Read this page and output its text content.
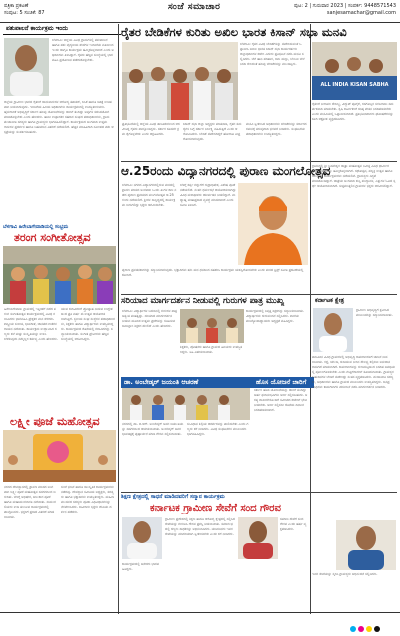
ಪತ್ರಿಕಾ ಪ್ರಕಟಣೆ
ಸಂಪುಟ: 5 ಸಂಚಿಕೆ: 87
ಸಂಜೆ ಸಮಾಚಾರ	ಪುಟ: 2 | ಗುರುವಾರ 2023 | ಸಂಪರ್ಕ: 9448571543
sanjesamachar@gmail.com
ಪಶುಪಾಲನೆ ಕಾರ್ಯಕ್ರಮ ಇಂದು

ಬೆಳಗಾವಿ: ಜಿಲ್ಲೆಯ ವಿವಿಧ ಗ್ರಾಮಗಳಲ್ಲಿ ಪಶುಪಾಲನೆ ಹಾಗೂ ಪಶು ವೈದ್ಯಕೀಯ ಸೇವೆಗಳ ಇಲಾಖೆಯ ವತಿಯಿಂದ ಇಂದು ಜಾಗೃತಿ ಕಾರ್ಯಕ್ರಮ ಹಮ್ಮಿಕೊಳ್ಳಲಾಗಿದೆ ಎಂದು ಅಧಿಕಾರಿಗಳು ತಿಳಿಸಿದ್ದಾರೆ. ರೈತರು ಹೆಚ್ಚಿನ ಸಂಖ್ಯೆಯಲ್ಲಿ ಭಾಗವಹಿಸಿ ಪ್ರಯೋಜನ ಪಡೆದುಕೊಳ್ಳಬೇಕು.

ಜಿಲ್ಲೆಯ ಗ್ರಾಮೀಣ ಭಾಗದ ರೈತರಿಗೆ ಜಾನುವಾರುಗಳ ಆರೋಗ್ಯ ತಪಾಸಣೆ, ಲಸಿಕೆ ಹಾಗೂ ಚಿಕಿತ್ಸೆ ಉಚಿತವಾಗಿ ನೀಡಲಾಗುವುದು. ಇಲಾಖೆಯ ಹಿರಿಯ ಅಧಿಕಾರಿಗಳು ಕಾರ್ಯಕ್ರಮದಲ್ಲಿ ಉಪಸ್ಥಿತರಿರುವರು. ಹೈನುಗಾರಿಕೆ ಅಭಿವೃದ್ಧಿಗೆ ಸರ್ಕಾರ ಹಲವು ಯೋಜನೆಗಳನ್ನು ಜಾರಿಗೆ ತಂದಿದ್ದು ಅವುಗಳ ಸದುಪಯೋಗ ಮಾಡಿಕೊಳ್ಳಬೇಕು ಎಂದು ಹೇಳಿದರು. ಹಾಲು ಉತ್ಪಾದಕರ ಸಹಕಾರ ಸಂಘದ ಪದಾಧಿಕಾರಿಗಳು, ಗ್ರಾಮ ಪಂಚಾಯಿತಿ ಸದಸ್ಯರು ಹಾಗೂ ಗ್ರಾಮಸ್ಥರು ಭಾಗವಹಿಸಲಿದ್ದಾರೆ. ಕಾರ್ಯಕ್ರಮದ ಅಂಗವಾಗಿ ಉತ್ತಮ ರಾಸುಗಳ ಪ್ರದರ್ಶನ ಹಾಗೂ ಬಹುಮಾನ ವಿತರಣೆ ನಡೆಯಲಿದೆ. ಹೆಚ್ಚಿನ ಮಾಹಿತಿಗಾಗಿ ಸಮೀಪದ ಪಶು ಆಸ್ಪತ್ರೆಯನ್ನು ಸಂಪರ್ಕಿಸಬಹುದು.

ಬೆಳಗಾವಿ ಹಿರೇಬಾಗೇವಾಡಿಯಲ್ಲಿ ಸಂಭ್ರಮ
ತರಂಗ ಸಂಗೀತೋತ್ಸವ

ಹಿರೇಬಾಗೇವಾಡಿ: ಗ್ರಾಮದಲ್ಲಿ ಇತ್ತೀಚೆಗೆ ನಡೆದ ತರಂಗ ಸಂಗೀತೋತ್ಸವ ಕಾರ್ಯಕ್ರಮದಲ್ಲಿ ವಿವಿಧ ಕಲಾವಿದರು ಭಾಗವಹಿಸಿ ಪ್ರೇಕ್ಷಕರ ಮನ ಸೆಳೆದರು. ಶಾಸ್ತ್ರೀಯ ಸಂಗೀತ, ಭಾವಗೀತೆ, ಜಾನಪದ ಗೀತೆಗಳ ಗಾಯನ ನಡೆಯಿತು. ಕಾರ್ಯಕ್ರಮ ಉದ್ಘಾಟಿಸಿದ ಗಣ್ಯರು ಕಲೆ ಮತ್ತು ಸಂಸ್ಕೃತಿಯನ್ನು ಉಳಿಸಿ ಬೆಳೆಸುವುದು ನಮ್ಮೆಲ್ಲರ ಕರ್ತವ್ಯ ಎಂದು ಹೇಳಿದರು.

ಯುವ ಕಲಾವಿದರಿಗೆ ಪ್ರೋತ್ಸಾಹ ನೀಡುವ ಉದ್ದೇಶದಿಂದ ಪ್ರತಿ ವರ್ಷ ಈ ಉತ್ಸವ ಆಯೋಜಿಸಲಾಗುತ್ತಿದೆ. ಸ್ಥಳೀಯ ಸಂಘ ಸಂಸ್ಥೆಗಳ ಪದಾಧಿಕಾರಿಗಳು, ಶಿಕ್ಷಕರು ಹಾಗೂ ವಿದ್ಯಾರ್ಥಿಗಳು ಉಪಸ್ಥಿತರಿದ್ದರು. ಕಾರ್ಯಕ್ರಮದ ಕೊನೆಯಲ್ಲಿ ಕಲಾವಿದರನ್ನು ಸನ್ಮಾನಿಸಲಾಯಿತು. ಸಂಗೀತ ಪ್ರೇಮಿಗಳು ಹೆಚ್ಚಿನ ಸಂಖ್ಯೆಯಲ್ಲಿ ಆಗಮಿಸಿದ್ದರು.

ಲಕ್ಷ್ಮೀ ಪೂಜೆ ಮಹೋತ್ಸವ

ನಗರದ ದೇವಸ್ಥಾನದಲ್ಲಿ ಶ್ರಾವಣ ಮಾಸದ ಅಂಗವಾಗಿ ಲಕ್ಷ್ಮೀ ಪೂಜೆ ಮಹೋತ್ಸವ ಸಡಗರದಿಂದ ಜರುಗಿತು. ಬೆಳಿಗ್ಗೆ ಅಭಿಷೇಕ, ಅಲಂಕಾರ ಪೂಜೆ ಹಾಗೂ ಮಹಾಮಂಗಳಾರತಿ ನಡೆಯಿತು. ಸುಮಂಗಲಿಯರು ಉಡಿ ತುಂಬುವ ಕಾರ್ಯಕ್ರಮದಲ್ಲಿ ಪಾಲ್ಗೊಂಡರು. ಭಕ್ತರಿಗೆ ಪ್ರಸಾದ ವಿತರಣೆ ಮಾಡಲಾಯಿತು.

ಸಂಜೆ ಭಜನೆ ಹಾಗೂ ಸಾಂಸ್ಕೃತಿಕ ಕಾರ್ಯಕ್ರಮಗಳು ನಡೆದವು. ದೇವಸ್ಥಾನ ಸಮಿತಿಯ ಅಧ್ಯಕ್ಷರು, ಸದಸ್ಯರು ಹಾಗೂ ಭಕ್ತಾದಿಗಳು ಉಪಸ್ಥಿತರಿದ್ದರು. ಮಹಿಳಾ ಮಂಡಳದ ಸದಸ್ಯರು ಪೂಜಾ ವಿಧಿವಿಧಾನಗಳನ್ನು ನೆರವೇರಿಸಿದರು. ಸಾವಿರಾರು ಭಕ್ತರು ದೇವಿಯ ದರ್ಶನ ಪಡೆದರು.

ರೈತರ ಬೇಡಿಕೆಗಳ ಕುರಿತು ಅಖಿಲ ಭಾರತ ಕಿಸಾನ್ ಸಭಾ ಮನವಿ

ಬೆಳಗಾವಿ: ರೈತರ ವಿವಿಧ ಬೇಡಿಕೆಗಳನ್ನು ಈಡೇರಿಸುವಂತೆ ಒತ್ತಾಯಿಸಿ ಅಖಿಲ ಭಾರತ ಕಿಸಾನ್ ಸಭಾ ಕಾರ್ಯಕರ್ತರು ಜಿಲ್ಲಾಧಿಕಾರಿಗಳ ಕಚೇರಿ ಎದುರು ಪ್ರತಿಭಟನೆ ನಡೆಸಿ ಮನವಿ ಸಲ್ಲಿಸಿದರು. ಬೆಳೆ ಹಾನಿ ಪರಿಹಾರ, ಸಾಲ ಮನ್ನಾ, ಬೆಂಬಲ ಬೆಲೆ ನಿಗದಿ ಸೇರಿದಂತೆ ಹಲವು ಬೇಡಿಕೆಗಳನ್ನು ಮುಂದಿಟ್ಟರು.

ALL INDIA KISAN SABHA

ಪ್ರತಿಭಟನೆಯಲ್ಲಿ ಜಿಲ್ಲೆಯ ವಿವಿಧ ತಾಲೂಕುಗಳಿಂದ ಆಗಮಿಸಿದ್ದ ರೈತರು ಪಾಲ್ಗೊಂಡಿದ್ದರು. ಸರ್ಕಾರ ಕೂಡಲೇ ಕ್ರಮ ಕೈಗೊಳ್ಳಬೇಕು ಎಂದು ಆಗ್ರಹಿಸಿದರು.

ಕಿಸಾನ್ ಸಭಾ ಜಿಲ್ಲಾ ಅಧ್ಯಕ್ಷರು ಮಾತನಾಡಿ, ರೈತರ ಸಮಸ್ಯೆಗಳ ಬಗ್ಗೆ ಸರ್ಕಾರ ನಿರ್ಲಕ್ಷ್ಯ ವಹಿಸುತ್ತಿದೆ ಎಂದು ಆರೋಪಿಸಿದರು. ಬೇಡಿಕೆ ಈಡೇರದಿದ್ದರೆ ಹೋರಾಟ ತೀವ್ರಗೊಳಿಸಲಾಗುವುದು.

ಮನವಿ ಸ್ವೀಕರಿಸಿದ ಅಧಿಕಾರಿಗಳು ಬೇಡಿಕೆಗಳನ್ನು ಸರ್ಕಾರದ ಗಮನಕ್ಕೆ ತರುವುದಾಗಿ ಭರವಸೆ ನೀಡಿದರು. ಸಂಘಟನೆಯ ಪದಾಧಿಕಾರಿಗಳು ಉಪಸ್ಥಿತರಿದ್ದರು.

ರೈತರಿಗೆ ನೀರಾವರಿ ಸೌಲಭ್ಯ, ವಿದ್ಯುತ್ ಪೂರೈಕೆ, ರಸಗೊಬ್ಬರ ಸರಬರಾಜು ಸಮರ್ಪಕವಾಗಿ ಮಾಡಬೇಕು. ಕೃಷಿ ಕಾರ್ಮಿಕರಿಗೆ ಕನಿಷ್ಠ ವೇತನ ನಿಗದಿಪಡಿಸಬೇಕು ಎಂದು ಮನವಿಯಲ್ಲಿ ಒತ್ತಾಯಿಸಲಾಗಿದೆ. ಪ್ರತಿಭಟನಾಕಾರರು ಘೋಷಣೆಗಳನ್ನು ಕೂಗಿ ಆಕ್ರೋಶ ವ್ಯಕ್ತಪಡಿಸಿದರು.

ಆ.25ರಂದು ವಿದ್ಯಾನಗರದಲ್ಲಿ ಪುರಾಣ ಮಂಗಲೋತ್ಸವ

ಬೆಳಗಾವಿ: ನಗರದ ವಿದ್ಯಾನಗರದಲ್ಲಿರುವ ಮಠದಲ್ಲಿ ಶ್ರಾವಣ ಮಾಸದ ಅಂಗವಾಗಿ ಒಂದು ತಿಂಗಳ ಕಾಲ ನಡೆದ ಪುರಾಣ ಪ್ರವಚನದ ಮಂಗಲೋತ್ಸವ ಆ.25ರಂದು ನಡೆಯಲಿದೆ. ಶ್ರೀಗಳ ಸಾನ್ನಿಧ್ಯದಲ್ಲಿ ಕಾರ್ಯಕ್ರಮ ಜರುಗಲಿದ್ದು ಭಕ್ತರು ಆಗಮಿಸಬೇಕು.

ಬೆಳಿಗ್ಗೆ ಕರ್ತೃ ಗದ್ದುಗೆಗೆ ರುದ್ರಾಭಿಷೇಕ, ವಿಶೇಷ ಪೂಜೆ ನಡೆಯಲಿದೆ. ನಂತರ ಧರ್ಮಸಭೆ ಆಯೋಜಿಸಲಾಗಿದ್ದು ವಿವಿಧ ಮಠಾಧೀಶರು ಆಶೀರ್ವಚನ ನೀಡಲಿದ್ದಾರೆ. ಮಧ್ಯಾಹ್ನ ಮಹಾಪ್ರಸಾದ ವ್ಯವಸ್ಥೆ ಮಾಡಲಾಗಿದೆ ಎಂದು ಸಮಿತಿ ತಿಳಿಸಿದೆ.

ಗ್ರಾಮದಲ್ಲಿ ಶ್ರೀ ಬಸವೇಶ್ವರ ಜಾತ್ರಾ ಮಹೋತ್ಸವ ನಿಮಿತ್ತ ವಿವಿಧ ಧಾರ್ಮಿಕ ಕಾರ್ಯಕ್ರಮಗಳನ್ನು ಹಮ್ಮಿಕೊಳ್ಳಲಾಗಿದೆ. ರಥೋತ್ಸವ, ಪಲ್ಲಕ್ಕಿ ಉತ್ಸವ ಹಾಗೂ ಸಾಂಸ್ಕೃತಿಕ ಕಾರ್ಯಕ್ರಮಗಳು ನಡೆಯಲಿವೆ. ಗ್ರಾಮಸ್ಥರು ಸಿದ್ಧತೆ ಮಾಡಿಕೊಂಡಿದ್ದಾರೆ. ಜಾತ್ರೆಯ ಅಂಗವಾಗಿ ಕುಸ್ತಿ ಪಂದ್ಯಾವಳಿ, ಎತ್ತುಗಳ ಓಟದ ಸ್ಪರ್ಧೆ ಆಯೋಜಿಸಲಾಗಿದೆ. ಸುತ್ತಮುತ್ತಲಿನ ಗ್ರಾಮಗಳ ಭಕ್ತರು ಆಗಮಿಸಲಿದ್ದಾರೆ.

ಪುರಾಣ ಪ್ರವಚನಕಾರರನ್ನು ಸನ್ಮಾನಿಸಲಾಗುವುದು. ಭಕ್ತಾದಿಗಳು ತನು ಮನ ಧನದಿಂದ ಸಹಕರಿಸಿ ಕಾರ್ಯಕ್ರಮ ಯಶಸ್ವಿಗೊಳಿಸಬೇಕು ಎಂದು ಮಠದ ಟ್ರಸ್ಟ್ ಸಮಿತಿ ಪ್ರಕಟಣೆಯಲ್ಲಿ ಕೋರಿದೆ.

ಸರಿಯಾದ ಮಾರ್ಗದರ್ಶನ ನೀಡುವಲ್ಲಿ ಗುರುಗಳ ಪಾತ್ರ ಮುಖ್ಯ

ಬೆಳಗಾವಿ: ವಿದ್ಯಾರ್ಥಿಗಳ ಬದುಕಿನಲ್ಲಿ ಗುರುಗಳ ಪಾತ್ರ ಅತ್ಯಂತ ಮಹತ್ವದ್ದು. ಸರಿಯಾದ ಮಾರ್ಗದರ್ಶನ ನೀಡುವ ಮೂಲಕ ಉತ್ತಮ ಪ್ರಜೆಗಳನ್ನು ರೂಪಿಸುವ ಜವಾಬ್ದಾರಿ ಶಿಕ್ಷಕರ ಮೇಲಿದೆ ಎಂದು ಹೇಳಿದರು.

ಕಾರ್ಯಕ್ರಮದಲ್ಲಿ ನಿವೃತ್ತ ಶಿಕ್ಷಕರನ್ನು ಸನ್ಮಾನಿಸಲಾಯಿತು. ವಿದ್ಯಾರ್ಥಿಗಳು ಗುರುವಂದನೆ ಸಲ್ಲಿಸಿದರು. ಶಾಲೆಯ ಮುಖ್ಯೋಪಾಧ್ಯಾಯರು ಅಧ್ಯಕ್ಷತೆ ವಹಿಸಿದ್ದರು.

ಶಿಕ್ಷಕರು, ಪೋಷಕರು ಹಾಗೂ ಗ್ರಾಮದ ಹಿರಿಯರು ಉಪಸ್ಥಿತರಿದ್ದರು. ಸಿಹಿ ವಿತರಿಸಲಾಯಿತು.

ಡಾ. ಅಂಬೇಡ್ಕರ್ ಜಯಂತಿ ಆಚರಣೆ

ನಗರದಲ್ಲಿ ಡಾ. ಬಿ.ಆರ್. ಅಂಬೇಡ್ಕರ್ ಅವರ ಜಯಂತಿಯನ್ನು ಸಡಗರದಿಂದ ಆಚರಿಸಲಾಯಿತು. ಅಂಬೇಡ್ಕರ್ ಅವರ ಭಾವಚಿತ್ರಕ್ಕೆ ಪುಷ್ಪಾರ್ಚನೆ ಮಾಡಿ ಗೌರವ ಸಲ್ಲಿಸಲಾಯಿತು.

ಸಂವಿಧಾನ ಶಿಲ್ಪಿಯ ಆದರ್ಶಗಳನ್ನು ಪಾಲಿಸಬೇಕು ಎಂದು ಗಣ್ಯರು ಕರೆ ನೀಡಿದರು. ವಿವಿಧ ಸಂಘಟನೆಗಳ ಮುಖಂಡರು ಭಾಗವಹಿಸಿದ್ದರು.

ಹೊಸ ಯೋಜನೆ ಜಾರಿಗೆ

ಸರ್ಕಾರ ಹೊಸ ಯೋಜನೆಯನ್ನು ಜಾರಿಗೆ ತಂದಿದ್ದು ಅರ್ಹ ಫಲಾನುಭವಿಗಳು ಅರ್ಜಿ ಸಲ್ಲಿಸಬಹುದು. ಅಗತ್ಯ ದಾಖಲೆಗಳೊಂದಿಗೆ ಸಮೀಪದ ಕಚೇರಿಗೆ ಭೇಟಿ ನೀಡಬೇಕು. ಅರ್ಜಿ ಸಲ್ಲಿಸಲು ಕೊನೆಯ ದಿನಾಂಕ ನಿಗದಿಪಡಿಸಲಾಗಿದೆ.

ಕರ್ನಾಟಕ ಕ್ಷೇತ್ರ

ಗ್ರಾಮೀಣ ಅಭಿವೃದ್ಧಿಗೆ ಶ್ರಮಿಸಿದ ಮುಖಂಡರನ್ನು ಸನ್ಮಾನಿಸಲಾಯಿತು.

ತಾಲೂಕಿನ ವಿವಿಧ ಗ್ರಾಮಗಳಲ್ಲಿ ಅಭಿವೃದ್ಧಿ ಕಾಮಗಾರಿಗಳಿಗೆ ಚಾಲನೆ ನೀಡಲಾಯಿತು. ರಸ್ತೆ, ಚರಂಡಿ, ಕುಡಿಯುವ ನೀರಿನ ಸೌಲಭ್ಯ ಕಲ್ಪಿಸಲು ಅನುದಾನ ಬಿಡುಗಡೆ ಮಾಡಲಾಗಿದೆ. ಕಾಮಗಾರಿಗಳನ್ನು ಗುಣಮಟ್ಟದಿಂದ ನಿಗದಿತ ಅವಧಿಯಲ್ಲಿ ಪೂರ್ಣಗೊಳಿಸಬೇಕು ಎಂದು ಗುತ್ತಿಗೆದಾರರಿಗೆ ಸೂಚಿಸಲಾಯಿತು. ಗ್ರಾಮಸ್ಥರ ಬಹುದಿನಗಳ ಬೇಡಿಕೆ ಈಡೇರಿದ್ದು ಸಂತಸ ವ್ಯಕ್ತಪಡಿಸಿದರು. ಪಂಚಾಯಿತಿ ಸದಸ್ಯರು, ಅಧಿಕಾರಿಗಳು ಹಾಗೂ ಗ್ರಾಮದ ಮುಖಂಡರು ಉಪಸ್ಥಿತರಿದ್ದರು. ಜನಪ್ರತಿನಿಧಿಗಳು ಕಾಮಗಾರಿಗಳ ಪರಿಶೀಲನೆ ನಡೆಸಿ ಮಾರ್ಗದರ್ಶನ ನೀಡಿದರು.

ಶಿಕ್ಷಣ ಕ್ಷೇತ್ರದಲ್ಲಿ ಸಾಧನೆ ಮಾಡಿದವರಿಗೆ ಸನ್ಮಾನ ಕಾರ್ಯಕ್ರಮ
ಕರ್ನಾಟಕ ಗ್ರಾಮೀಣ ಸೇವೆಗೆ ಸಂದ ಗೌರವ

ಗ್ರಾಮೀಣ ಪ್ರದೇಶದಲ್ಲಿ ಶಿಕ್ಷಣ ಹಾಗೂ ಆರೋಗ್ಯ ಕ್ಷೇತ್ರದಲ್ಲಿ ಸಲ್ಲಿಸಿದ ಸೇವೆಯನ್ನು ಗುರುತಿಸಿ ಗೌರವ ಪ್ರಶಸ್ತಿ ನೀಡಲಾಯಿತು. ಸಮಾರಂಭದಲ್ಲಿ ಗಣ್ಯರು ಸಾಧಕರನ್ನು ಅಭಿನಂದಿಸಿದರು. ಯುವಜನರು ಇವರ ಸೇವೆಯನ್ನು ಮಾದರಿಯಾಗಿ ಸ್ವೀಕರಿಸಬೇಕು ಎಂದು ಕರೆ ನೀಡಿದರು.

ಸಮಾಜ ಸೇವೆಗೆ ಸಂದ ಗೌರವ ಎಂದು ಹರ್ಷ ವ್ಯಕ್ತಪಡಿಸಿದರು.

ಕಾರ್ಯಕ್ರಮದಲ್ಲಿ ಅನೇಕರು ಭಾಗವಹಿಸಿದ್ದರು.

ಇವರ ಸೇವೆಯನ್ನು ಸ್ಮರಿಸಿ ಗ್ರಾಮಸ್ಥರು ಅಭಿನಂದನೆ ಸಲ್ಲಿಸಿದರು.
